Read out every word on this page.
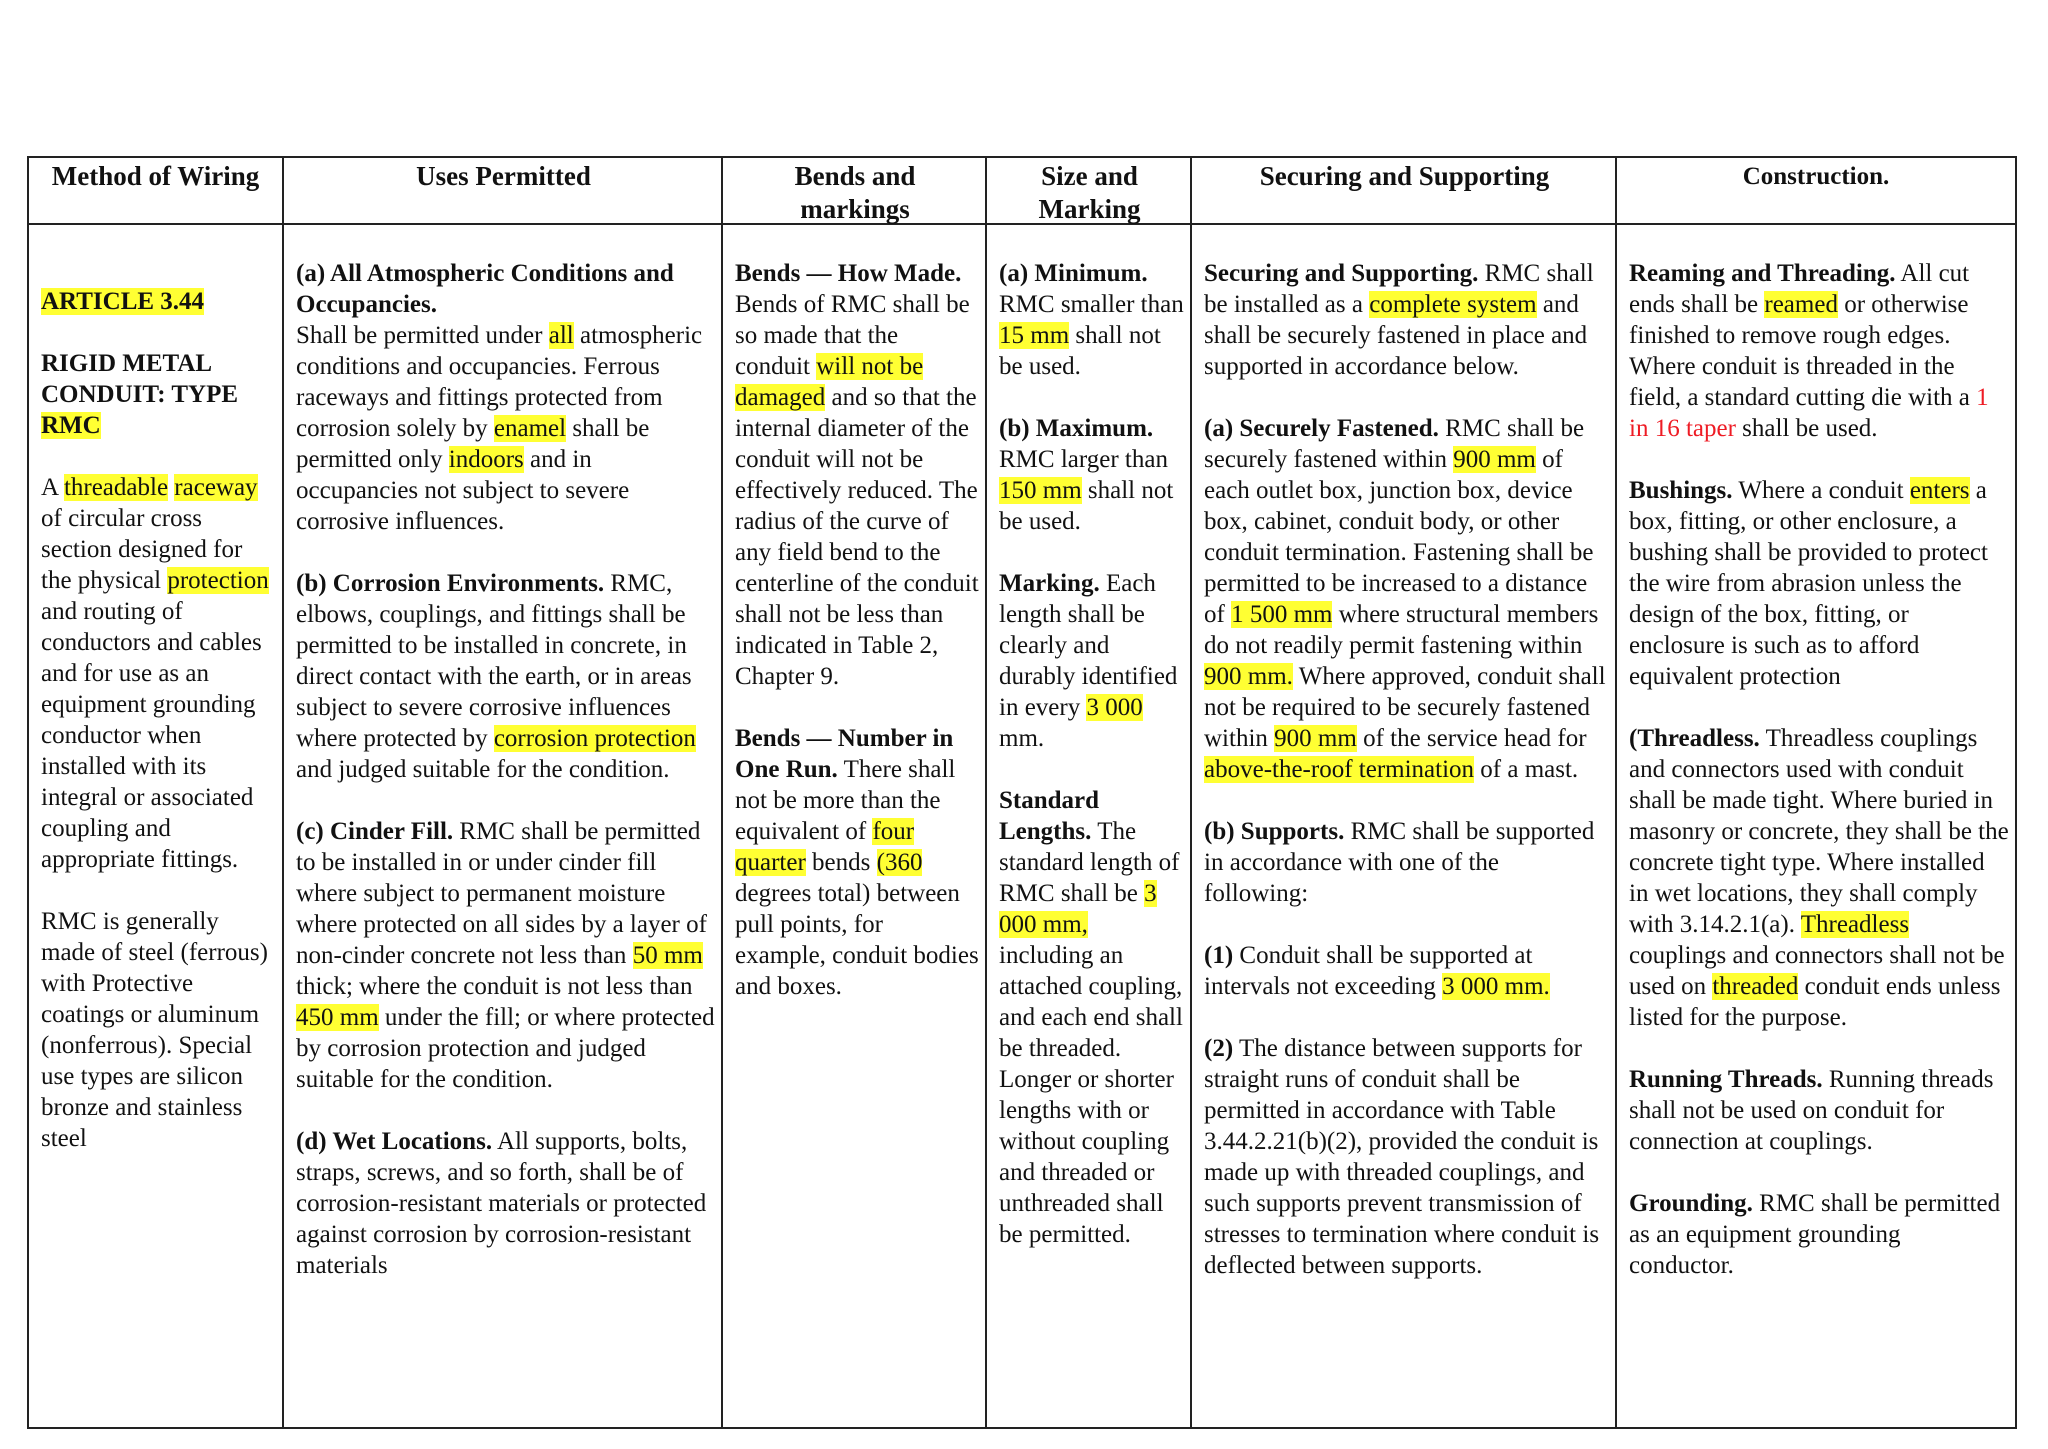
Method of Wiring

ARTICLE 3.44

RIGID METAL CONDUIT: TYPE RMC

A threadable raceway of circular cross section designed for the physical protection and routing of conductors and cables and for use as an equipment grounding conductor when installed with its integral or associated coupling and appropriate fittings.

RMC is generally made of steel (ferrous) with Protective coatings or aluminum (nonferrous). Special use types are silicon bronze and stainless steel

Uses Permitted

(a) All Atmospheric Conditions and Occupancies.
Shall be permitted under all atmospheric conditions and occupancies. Ferrous raceways and fittings protected from corrosion solely by enamel shall be permitted only indoors and in occupancies not subject to severe corrosive influences.

(b) Corrosion Environments. RMC, elbows, couplings, and fittings shall be permitted to be installed in concrete, in direct contact with the earth, or in areas subject to severe corrosive influences where protected by corrosion protection and judged suitable for the condition.

(c) Cinder Fill. RMC shall be permitted to be installed in or under cinder fill where subject to permanent moisture where protected on all sides by a layer of non-cinder concrete not less than 50 mm thick; where the conduit is not less than 450 mm under the fill; or where protected by corrosion protection and judged suitable for the condition.

(d) Wet Locations. All supports, bolts, straps, screws, and so forth, shall be of corrosion-resistant materials or protected against corrosion by corrosion-resistant materials

Bends and markings

Bends — How Made. Bends of RMC shall be so made that the conduit will not be damaged and so that the internal diameter of the conduit will not be effectively reduced. The radius of the curve of any field bend to the centerline of the conduit shall not be less than indicated in Table 2, Chapter 9.

Bends — Number in One Run. There shall not be more than the equivalent of four quarter bends (360 degrees total) between pull points, for example, conduit bodies and boxes.

Size and Marking

(a) Minimum. RMC smaller than 15 mm shall not be used.

(b) Maximum. RMC larger than 150 mm shall not be used.

Marking. Each length shall be clearly and durably identified in every 3 000 mm.

Standard Lengths. The standard length of RMC shall be 3 000 mm, including an attached coupling, and each end shall be threaded. Longer or shorter lengths with or without coupling and threaded or unthreaded shall be permitted.

Securing and Supporting

Securing and Supporting. RMC shall be installed as a complete system and shall be securely fastened in place and supported in accordance below.

(a) Securely Fastened. RMC shall be securely fastened within 900 mm of each outlet box, junction box, device box, cabinet, conduit body, or other conduit termination. Fastening shall be permitted to be increased to a distance of 1 500 mm where structural members do not readily permit fastening within 900 mm. Where approved, conduit shall not be required to be securely fastened within 900 mm of the service head for above-the-roof termination of a mast.

(b) Supports. RMC shall be supported in accordance with one of the following:

(1) Conduit shall be supported at intervals not exceeding 3 000 mm.

(2) The distance between supports for straight runs of conduit shall be permitted in accordance with Table 3.44.2.21(b)(2), provided the conduit is made up with threaded couplings, and such supports prevent transmission of stresses to termination where conduit is deflected between supports.

Construction.

Reaming and Threading. All cut ends shall be reamed or otherwise finished to remove rough edges. Where conduit is threaded in the field, a standard cutting die with a 1 in 16 taper shall be used.

Bushings. Where a conduit enters a box, fitting, or other enclosure, a bushing shall be provided to protect the wire from abrasion unless the design of the box, fitting, or enclosure is such as to afford equivalent protection

(Threadless. Threadless couplings and connectors used with conduit shall be made tight. Where buried in masonry or concrete, they shall be the concrete tight type. Where installed in wet locations, they shall comply with 3.14.2.1(a). Threadless couplings and connectors shall not be used on threaded conduit ends unless listed for the purpose.

Running Threads. Running threads shall not be used on conduit for connection at couplings.

Grounding. RMC shall be permitted as an equipment grounding conductor.
